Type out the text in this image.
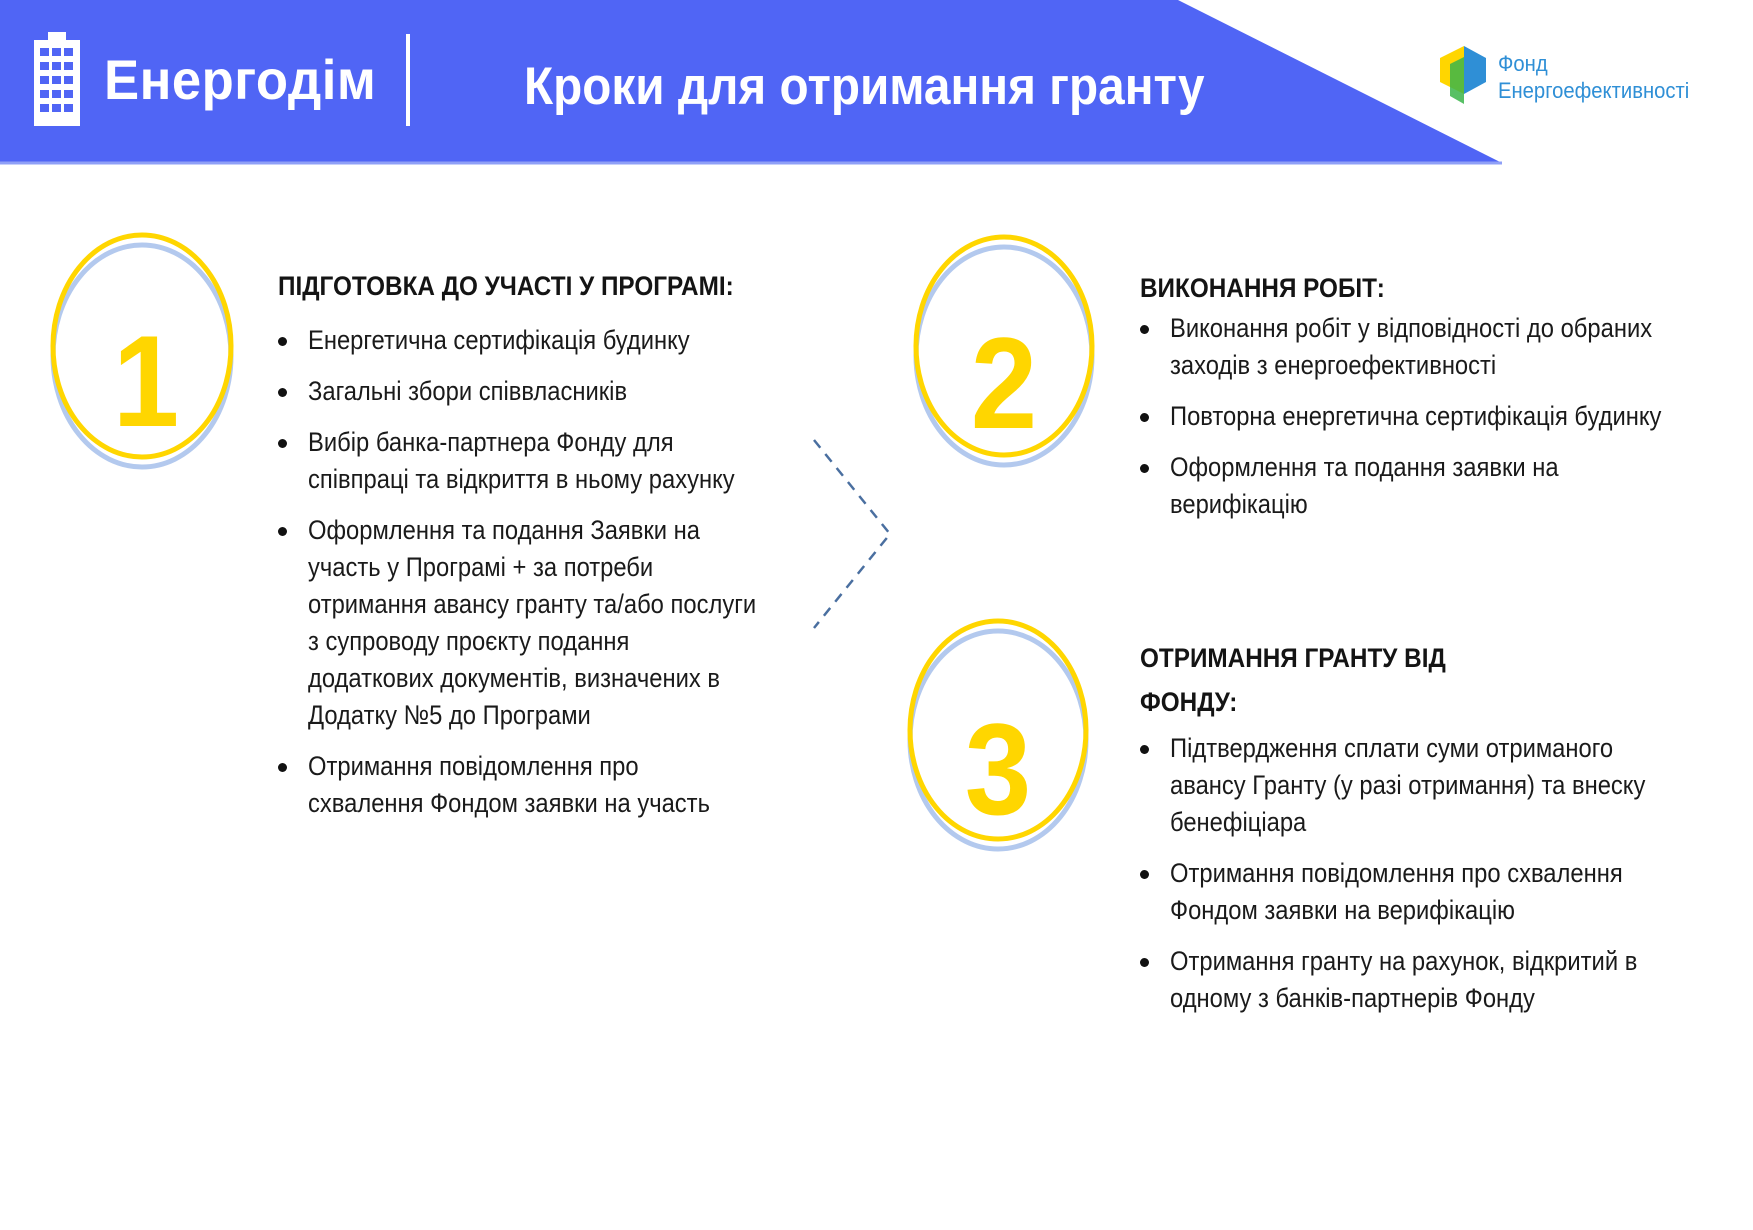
Енергодім	Кроки для отримання гранту	Фонд
Енергоефективності
1
ПІДГОТОВКА ДО УЧАСТІ У ПРОГРАМІ:
Енергетична сертифікація будинку
Загальні збори співвласників
Вибір банка-партнера Фонду для співпраці та відкриття в ньому рахунку
Оформлення та подання Заявки на участь у Програмі + за потреби отримання авансу гранту та/або послуги з супроводу проєкту подання додаткових документів, визначених в Додатку №5 до Програми
Отримання повідомлення про схвалення Фондом заявки на участь
2
ВИКОНАННЯ РОБІТ:
Виконання робіт у відповідності до обраних заходів з енергоефективності
Повторна енергетична сертифікація будинку
Оформлення та подання заявки на верифікацію
3
ОТРИМАННЯ ГРАНТУ ВІД
ФОНДУ:
Підтвердження сплати суми отриманого авансу Гранту (у разі отримання) та внеску бенефіціара
Отримання повідомлення про схвалення Фондом заявки на верифікацію
Отримання гранту на рахунок, відкритий в одному з банків-партнерів Фонду
